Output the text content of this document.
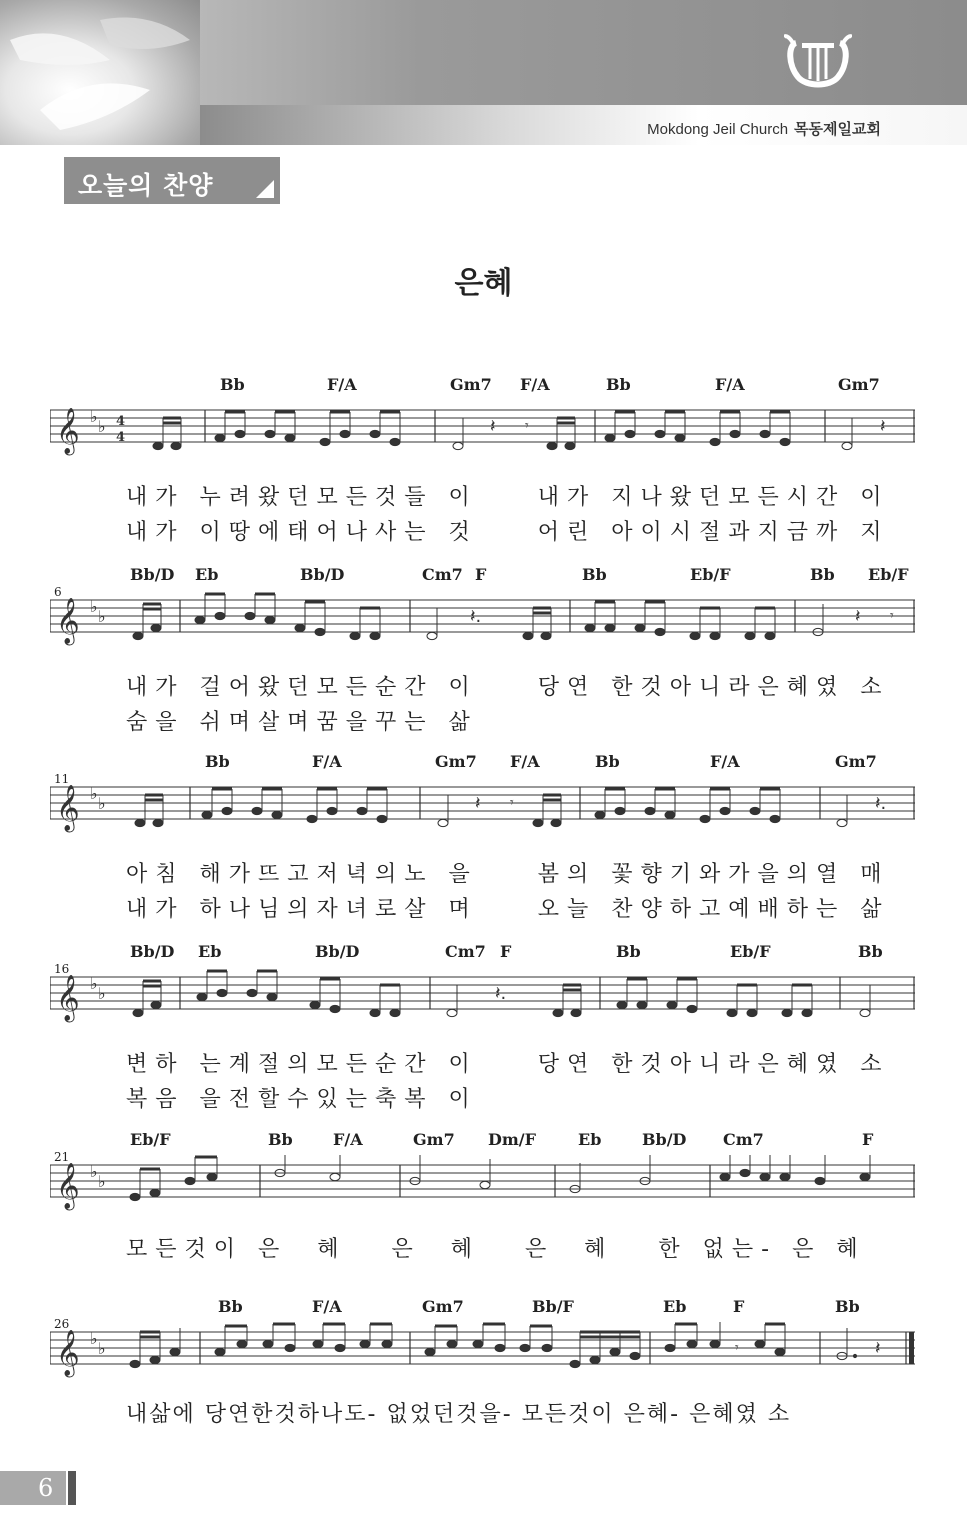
Mokdong Jeil Church 목동제일교회
오늘의 찬양
은혜
Bb	F/A	Gm7 F/A	Bb	F/A	Gm7
𝄞 ♭
♭ 4
4
𝄽 𝄾	𝄽
내가 누려왔던모든것들 이    내가 지나왔던모든시간 이
내가 이땅에태어나사는 것    어린 아이시절과지금까 지
6
Bb/D Eb	Bb/D	Cm7 F	Bb	Eb/F	Bb Eb/F
𝄞 ♭
♭	𝄽.	𝄽 𝄾
내가 걸어왔던모든순간 이    당연 한것아니라은혜였 소
숨을 쉬며살며꿈을꾸는 삶
11
Bb	F/A	Gm7 F/A	Bb	F/A	Gm7
𝄞 ♭
♭	𝄽 𝄾	𝄽.
아침 해가뜨고저녁의노 을    봄의 꽃향기와가을의열 매
내가 하나님의자녀로살 며    오늘 찬양하고예배하는 삶
16
Bb/D Eb	Bb/D	Cm7 F	Bb	Eb/F	Bb
𝄞 ♭
♭	𝄽.
변하 는계절의모든순간 이    당연 한것아니라은혜였 소
복음 을전할수있는축복 이
21
Eb/F	Bb	F/A	Gm7 Dm/F	Eb	Bb/D Cm7	F
𝄞 ♭
♭
모든것이 은  혜   은  혜   은  혜   한 없는- 은 혜
26
Bb	F/A	Gm7	Bb/F	Eb	F	Bb
𝄞 ♭
♭	𝄾	𝄽
내삶에 당연한것하나도- 없었던것을- 모든것이 은혜- 은혜였 소
6
